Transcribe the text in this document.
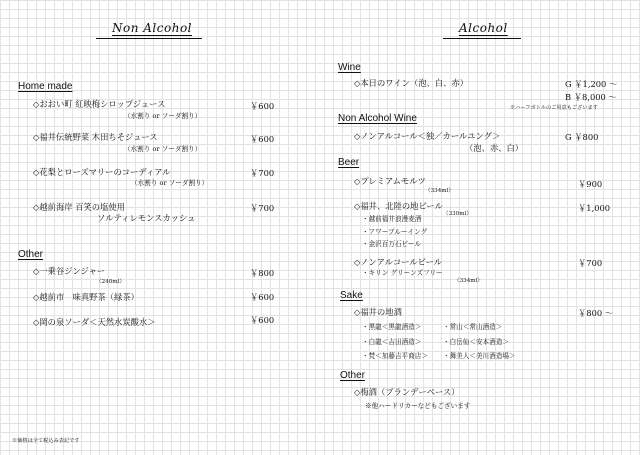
Non Alcohol	Alcohol
Home made
◇おおい町 紅映梅シロップジュース
（水割り or ソーダ割り）
￥600
◇福井伝統野菜 木田ちそジュース
（水割り or ソーダ割り）
￥600
◇花梨とローズマリーのコーディアル
（水割り or ソーダ割り）
￥700
◇越前海岸 百笑の塩使用
ソルティレモンスカッシュ
￥700
Other
◇一乗谷ジンジャー
（240ml）
￥800
◇越前市　味真野茶（緑茶）	￥600
◇岡の泉ソーダ＜天然水炭酸水＞	￥600
※価格は全て税込み表記です
Wine
◇本日のワイン（泡、白、赤）	G ￥1,200 ～
B ￥8,000 ～
※ハーフボトルのご用意もございます
Non Alcohol Wine
◇ノンアルコール＜独／カールユング＞
（泡、赤、白）
G ￥800
Beer
◇プレミアムモルツ
（334ml）
￥900
◇福井、北陸の地ビール
（330ml）
￥1,000
・越前福井浪漫麦酒
・アワーブルーイング
・金沢百万石ビール
◇ノンアルコールビール
・キリン グリーンズフリー
（334ml）
￥700
Sake
◇福井の地酒	￥800 ～
・黒龍＜黒龍酒造＞
・白龍＜吉田酒造＞
・梵＜加藤吉平商店＞
・常山＜常山酒造＞
・白岳仙＜安本酒造＞
・舞美人＜美川酒造場＞
Other
◇梅酒（ブランデーベース）
※他ハードリカーなどもございます
